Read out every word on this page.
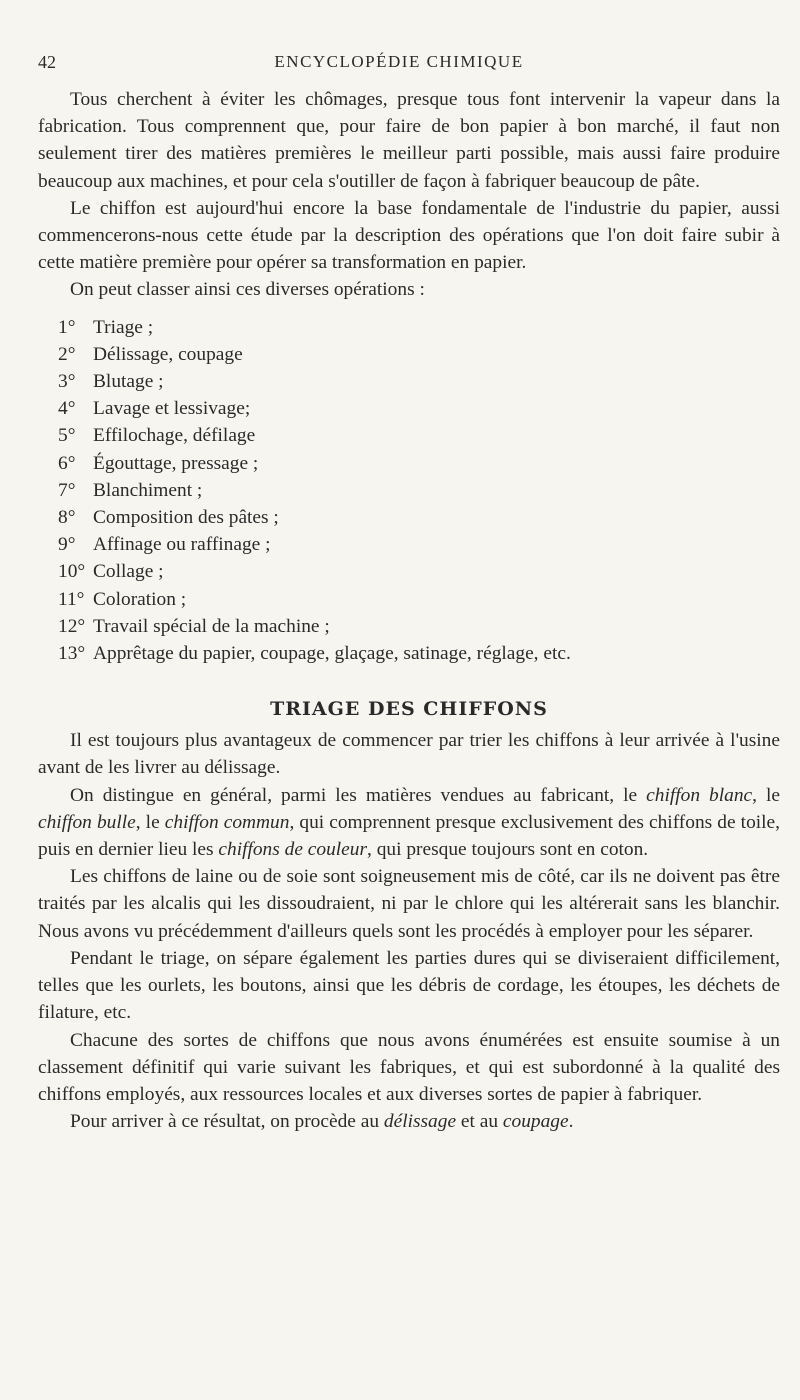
42	ENCYCLOPÉDIE CHIMIQUE

Tous cherchent à éviter les chômages, presque tous font intervenir la vapeur dans la fabrication. Tous comprennent que, pour faire de bon papier à bon marché, il faut non seulement tirer des matières premières le meilleur parti possible, mais aussi faire produire beaucoup aux machines, et pour cela s'outiller de façon à fabriquer beaucoup de pâte.

Le chiffon est aujourd'hui encore la base fondamentale de l'industrie du papier, aussi commencerons-nous cette étude par la description des opérations que l'on doit faire subir à cette matière première pour opérer sa transformation en papier.

On peut classer ainsi ces diverses opérations :

1° Triage ;
2° Délissage, coupage
3° Blutage ;
4° Lavage et lessivage;
5° Effilochage, défilage
6° Égouttage, pressage ;
7° Blanchiment ;
8° Composition des pâtes ;
9° Affinage ou raffinage ;
10° Collage ;
11° Coloration ;
12° Travail spécial de la machine ;
13° Apprêtage du papier, coupage, glaçage, satinage, réglage, etc.
TRIAGE DES CHIFFONS

Il est toujours plus avantageux de commencer par trier les chiffons à leur arrivée à l'usine avant de les livrer au délissage.

On distingue en général, parmi les matières vendues au fabricant, le chiffon blanc, le chiffon bulle, le chiffon commun, qui comprennent presque exclusivement des chiffons de toile, puis en dernier lieu les chiffons de couleur, qui presque toujours sont en coton.

Les chiffons de laine ou de soie sont soigneusement mis de côté, car ils ne doivent pas être traités par les alcalis qui les dissoudraient, ni par le chlore qui les altérerait sans les blanchir. Nous avons vu précédemment d'ailleurs quels sont les procédés à employer pour les séparer.

Pendant le triage, on sépare également les parties dures qui se diviseraient difficilement, telles que les ourlets, les boutons, ainsi que les débris de cordage, les étoupes, les déchets de filature, etc.

Chacune des sortes de chiffons que nous avons énumérées est ensuite soumise à un classement définitif qui varie suivant les fabriques, et qui est subordonné à la qualité des chiffons employés, aux ressources locales et aux diverses sortes de papier à fabriquer.

Pour arriver à ce résultat, on procède au délissage et au coupage.
